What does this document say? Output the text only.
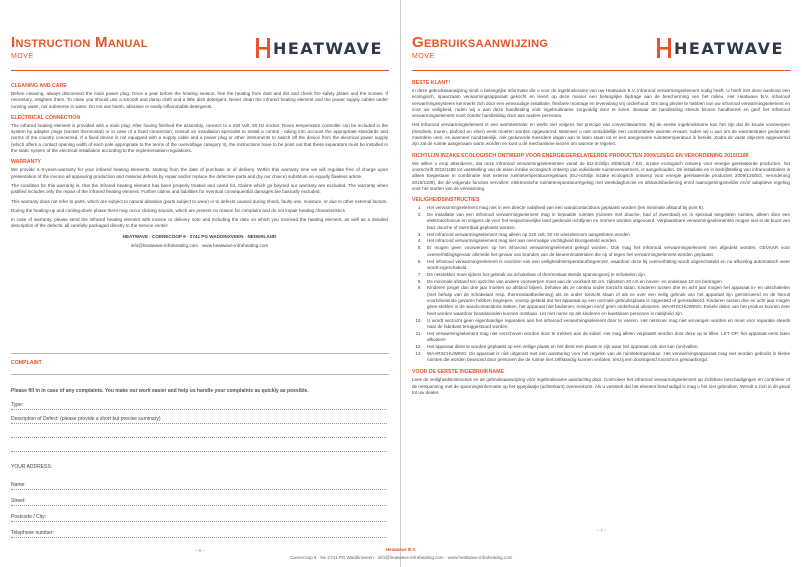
Instruction Manual
MOVE	HEATWAVE
CLEANING AND CARE
Before cleaning, always disconnect the main power plug. Once a year before the heating season, free the heating from dust and dirt and check the safety plates and the screws. If necessary, retighten them. To clean you should use a smooth and damp cloth and a little dish detergent. Never clean the infrared heating element and the power supply cables under running water, nor submerse in water. Do not use harsh, abrasive or easily inflammable detergents.
ELECTRICAL CONNECTION
The infrared heating element is provided with a main plug. After having finished the assembly, connect to a 230 Volt, 50 Hz socket. Room temperature controller can be included in the system by adapter plugs (socket thermostat) or in case of a fixed connection, consult an installation specialist to install a control - taking into account the appropriate standards and norms of the country concerned. If a fixed device is not equipped with a supply cable and a power plug or other instruments to switch off the device from the electrical power supply (which offers a contact opening width of each pole appropriate to the terms of the overvoltage category II), the instructions have to be point out that these separators must be installed in the static system of the electrical installation according to the implementation-regulations.
WARRANTY
We provide a 8-years-warranty for your infrared heating elements, starting from the date of purchase or of delivery. Within this warranty time we will regulate free of charge upon presentation of the invoice all appearing production and material defects by repair and/or replace the defective parts and (by our choice) substitute an equally flawless article.
The condition for this warranty is, that the infrared heating element has been properly treated and cared for. Claims which go beyond our warranty are excluded. The warranty when justified includes only the repair of the infrared heating element. Further claims and liabilities for eventual consequential damages are basically excluded.
This warranty does not refer to parts, which are subject to natural abrasion (parts subject to wear) or to defects caused during shock, faulty use, moisture, or due to other external factors.
During the heating-up and cooling-down phase there may occur clicking sounds, which are present no reason for complaint and do not impair heating characteristics.
In case of warranty, please send the infrared heating element with invoice or delivery note and including the date on which you received the heating element, as well as a detailed description of the defects, all carefully packaged directly to the service center:
HEATWAVE · COENECOOP 9 · 2741 PG WADDINXVEEN · NEDERLAND
info@heatwave-infraheating.com · www.heatwave-infraheating.com
COMPLAINT
Please fill in in case of any complaints. You make our work easier and help us handle your complaints as quickly as possible.
Type:
Description of Defect: (please provide a short but precise summary)
YOUR ADDRESS:
Name:
Street:
Postcode / City:
Telephone number:
– 6 –
Gebruiksaanwijzing
MOVE	HEATWAVE
BESTE KLANT!
In deze gebruiksaanwijzing vindt u belangrijke informatie die u voor de ingebruikname van uw Heatwave B.V. infrarood verwarmingselement nodig heeft. U heeft met deze aankoop een ecologisch, spaarzaam verwarmingsapparaat gekocht en levert op deze manier een belangrijke bijdrage aan de bescherming van het milieu. Het Heatwave B.V. infrarood verwarmingssysteem kenmerkt zich door een eenvoudige installatie, flexibele montage en levenslang vrij onderhoud. Om lang plezier te hebben van uw infrarood verwarmingselement en voor uw veiligheid, raden wij u aan deze handleiding vóór ingebruikname zorgvuldig door te lezen. Bewaar de handleiding steeds binnen handbereik en geef het infrarood verwarmingselement nooit zonder handleiding door aan andere personen.
Het infrarood verwarmingselement is een warmtestraler en werkt niet volgens het principe van convectiewarmte. Bij de eerste ingebruikname kan het zijn dat de koude voorwerpen (meubels, muren, plafond en vloer) eerst moeten worden opgewarmd. Wanneer u niet onmiddellijk een comfortabele warmte ervaart, raden wij u aan om de warmtestraler gedurende meerdere uren, en wanneer noodzakelijk, ook gedurende meerdere dagen aan te laten staan tot er een aangename ruimtetemperatuur is bereikt. Zodra de vaste objecten opgewarmd zijn zal de ruimte aangenaam warm worden en kunt u de mechanisme kiezen om warmte te regelen.
RICHTLIJN INZAKE ECOLOGISCH ONTWERP VOOR ENERGIEGERELATEERDE PRODUCTEN 2009/125/EG EN VERORDENING 2015/1188
We willen u erop attenderen, dat onze infrarood verwarmingselementen vanaf de EU-richtlijn 2009/125 / EG, inzake ecologisch ontwerp voor energie gerelateerde producten, het voorschrift 2015/1188 tot vaststelling van de eisen inzake ecologisch ontwerp van individuele ruimteverwarmers, is aangehouden. De installatie en in bedrijfstelling van infraroodstralers is alleen toegestaan in combinatie met externe ruimtetemperatuurregelaars (EU-richtlijn inzake ecologisch ontwerp voor energie gerelateerde producten 2009/125/EG, verordening 2015/1188), die de volgende functies vervullen: elektronische ruimtetemperatuurregeling met weekdagfunctie en afstandsbediening en/of raamopeningsmelder en/of adaptieve regeling voor het starten van de verwarming.
VEILIGHEIDSINSTRUCTIES
1. Het verwarmingselement mag niet in een directe nabijheid van een wandcontactdoos geplaatst worden (ten minimale afstand bij punt 8).
2. De installatie van een infrarood verwarmingselement mag in bepaalde ruimtes (ruimtes met douche, bad of zwembad) en in speciaal toegelaten ruimtes, alleen door een elektrotechnicus en volgens de voor het respectievelijke land geldende richtlijnen en normen worden uitgevoerd. Verplaatsbare verwarmingselementen mogen niet in de buurt van bad, douche of zwembad geplaatst worden.
3. Het infrarood verwarmingselement mag alleen op 230 volt, 50 Hz wisselstroom aangesloten worden.
4. Het infrarood verwarmingselement mag niet aan overmatige vochtigheid blootgesteld worden.
5. Er mogen geen voorwerpen op het infrarood verwarmingselement gelegd worden. Ook mag het infrarood verwarmingselement niet afgedekt worden, GEVAAR voor oververhittingsgevaar alsmede het gevaar van branden van de kleuren/materialen die op of tegen het verwarmingselement worden geplaatst.
6. Het infrarood verwarmingselement is voorzien van een veiligheidstemperatuurbegrenzer, waardoor deze bij oververhitting wordt uitgeschakeld en na afkoeling automatisch weer wordt ingeschakeld.
7. De netstekker moet tijdens het gebruik via schakelaar of thermostaat steeds spanningsvrij te schakelen zijn.
8. De minimale afstand ten opzichte van andere voorwerpen moet aan de voorkant 50 cm, zijkanten 20 cm en boven- en onderaan 10 cm bedragen.
9. Kinderen jonger dan drie jaar moeten op afstand blijven, behalve als ze continu onder toezicht staan. Kinderen tussen drie en acht jaar mogen het apparaat in- en uitschakelen (met behulp van de schakelaar resp. thermostaatbediening) als ze onder toezicht staan of als ze over een veilig gebruik van het apparaat zijn geïnstrueerd en de hieruit voortvloeiende gevaren hebben begrepen, voorop gesteld dat het apparaat op een normale gebruiksplaats is opgesteld of geïnstalleerd. Kinderen tussen drie en acht jaar mogen geen stekker in de wandcontactdoos steken, het apparaat niet bedienen, reinigen en/of geen onderhoud uitvoeren. WAARSCHUWING: Enkele delen van het product kunnen zeer heet worden waardoor brandwonden kunnen ontstaan. Let met name op als kinderen en kwetsbare personen in nabijheid zijn.
10. U wordt verzocht geen eigenhandige reparaties aan het infrarood verwarmingselement door te voeren. Het netsnoer mag niet vervangen worden en moet voor reparatie steeds naar de fabrikant teruggestuurd worden.
11. Het verwarmingselement mag niet verschoven worden door te trekken aan de kabel. Het mag alleen verplaatst worden door deze op te tillen. LET OP: het apparaat eerst laten afkoelen!
12. Het apparaat dient te worden geplaatst op een veilige plaats en het dient een plaats te zijn waar het apparaat ook niet kan (om)vallen.
13. WAARSCHUWING: Dit apparaat is niet uitgerust met een aansturing voor het regelen van de ruimtetemperatuur. Het verwarmingsapparaat mag niet worden gebruikt in kleine ruimtes die worden bewoond door personen die de ruimte niet zelfstandig kunnen verlaten, tenzij een doorlopend toezicht is gewaarborgd.
VOOR DE EERSTE INGEBRUIKNAME
Lees de veiligheidsinstructies en de gebruiksaanwijzing vóór ingebruikname aandachtig door. Controleer het infrarood verwarmingselement op zichtbare beschadigingen en controleer of de netspanning met de spanningsinformatie op het typeplaatje (achterkant) overeenkomt. Als u vaststelt dat het element beschadigd is mag u het niet gebruiken. Wendt u zich in dit geval tot uw dealer.
– 7 –
Heatwave B.V.
Coenecoop 9 · NL-2741 PG Waddinxveen · info@heatwave-infraheating.com · www.heatwave-infraheating.com
